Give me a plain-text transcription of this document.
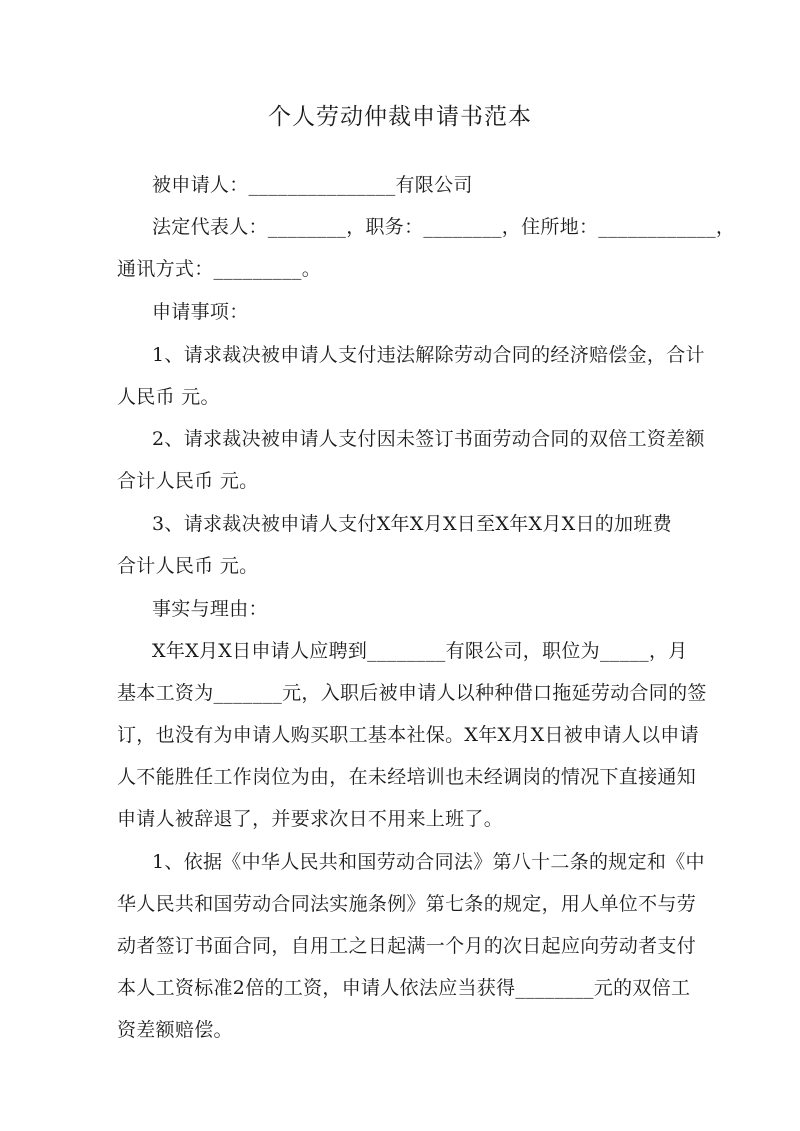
个人劳动仲裁申请书范本
被申请人：_______________有限公司
法定代表人：________，职务：________，住所地：____________，
通讯方式：_________。
申请事项：
1、请求裁决被申请人支付违法解除劳动合同的经济赔偿金，合计
人民币 元。
2、请求裁决被申请人支付因未签订书面劳动合同的双倍工资差额
合计人民币 元。
3、请求裁决被申请人支付X年X月X日至X年X月X日的加班费
合计人民币 元。
事实与理由：
X年X月X日申请人应聘到________有限公司，职位为_____，月
基本工资为_______元，入职后被申请人以种种借口拖延劳动合同的签
订，也没有为申请人购买职工基本社保。X年X月X日被申请人以申请
人不能胜任工作岗位为由，在未经培训也未经调岗的情况下直接通知
申请人被辞退了，并要求次日不用来上班了。
1、依据《中华人民共和国劳动合同法》第八十二条的规定和《中
华人民共和国劳动合同法实施条例》第七条的规定，用人单位不与劳
动者签订书面合同，自用工之日起满一个月的次日起应向劳动者支付
本人工资标准2倍的工资，申请人依法应当获得________元的双倍工
资差额赔偿。
